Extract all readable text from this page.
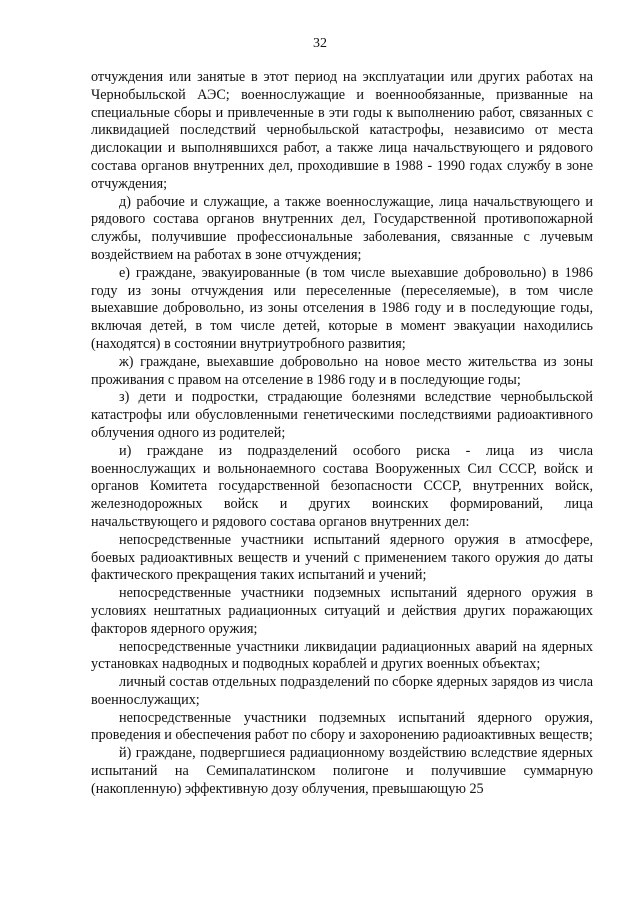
32

отчуждения или занятые в этот период на эксплуатации или других работах на Чернобыльской АЭС; военнослужащие и военнообязанные, призванные на специальные сборы и привлеченные в эти годы к выполнению работ, связанных с ликвидацией последствий чернобыльской катастрофы, независимо от места дислокации и выполнявшихся работ, а также лица начальствующего и рядового состава органов внутренних дел, проходившие в 1988 - 1990 годах службу в зоне отчуждения;

д) рабочие и служащие, а также военнослужащие, лица начальствующего и рядового состава органов внутренних дел, Государственной противопожарной службы, получившие профессиональные заболевания, связанные с лучевым воздействием на работах в зоне отчуждения;

е) граждане, эвакуированные (в том числе выехавшие добровольно) в 1986 году из зоны отчуждения или переселенные (переселяемые), в том числе выехавшие добровольно, из зоны отселения в 1986 году и в последующие годы, включая детей, в том числе детей, которые в момент эвакуации находились (находятся) в состоянии внутриутробного развития;

ж) граждане, выехавшие добровольно на новое место жительства из зоны проживания с правом на отселение в 1986 году и в последующие годы;

з) дети и подростки, страдающие болезнями вследствие чернобыльской катастрофы или обусловленными генетическими последствиями радиоактивного облучения одного из родителей;

и) граждане из подразделений особого риска - лица из числа военнослужащих и вольнонаемного состава Вооруженных Сил СССР, войск и органов Комитета государственной безопасности СССР, внутренних войск, железнодорожных войск и других воинских формирований, лица начальствующего и рядового состава органов внутренних дел:

непосредственные участники испытаний ядерного оружия в атмосфере, боевых радиоактивных веществ и учений с применением такого оружия до даты фактического прекращения таких испытаний и учений;

непосредственные участники подземных испытаний ядерного оружия в условиях нештатных радиационных ситуаций и действия других поражающих факторов ядерного оружия;

непосредственные участники ликвидации радиационных аварий на ядерных установках надводных и подводных кораблей и других военных объектах;

личный состав отдельных подразделений по сборке ядерных зарядов из числа военнослужащих;

непосредственные участники подземных испытаний ядерного оружия, проведения и обеспечения работ по сбору и захоронению радиоактивных веществ;

й) граждане, подвергшиеся радиационному воздействию вследствие ядерных испытаний на Семипалатинском полигоне и получившие суммарную (накопленную) эффективную дозу облучения, превышающую 25
